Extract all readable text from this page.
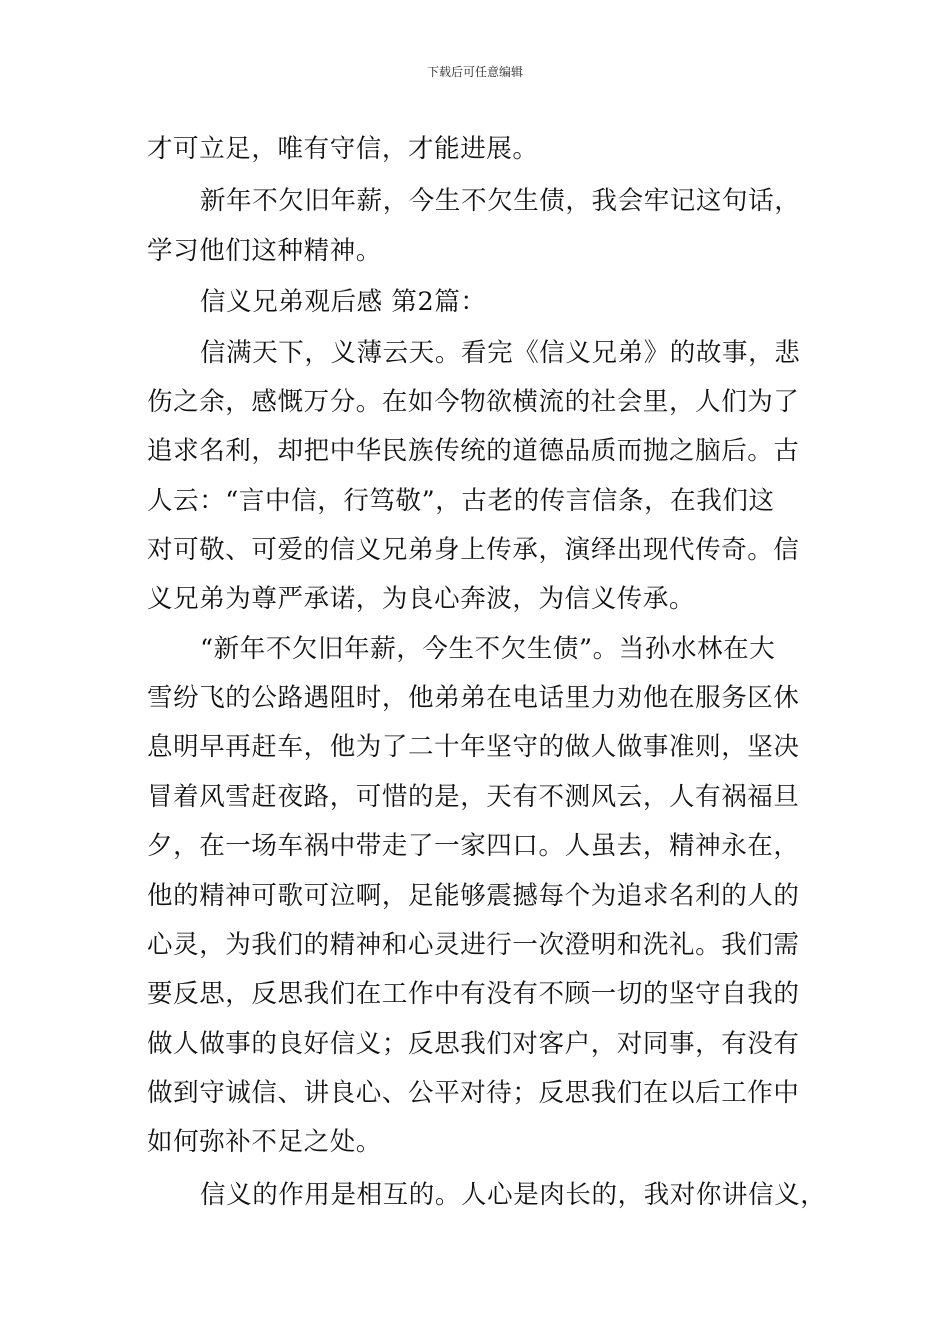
下载后可任意编辑
才可立足，唯有守信，才能进展。
新年不欠旧年薪，今生不欠生债，我会牢记这句话，
学习他们这种精神。
信义兄弟观后感 第2篇：
信满天下，义薄云天。看完《信义兄弟》的故事，悲
伤之余，感慨万分。在如今物欲横流的社会里，人们为了
追求名利，却把中华民族传统的道德品质而抛之脑后。古
人云：“言中信，行笃敬”，古老的传言信条，在我们这
对可敬、可爱的信义兄弟身上传承，演绎出现代传奇。信
义兄弟为尊严承诺，为良心奔波，为信义传承。
“新年不欠旧年薪，今生不欠生债”。当孙水林在大
雪纷飞的公路遇阻时，他弟弟在电话里力劝他在服务区休
息明早再赶车，他为了二十年坚守的做人做事准则，坚决
冒着风雪赶夜路，可惜的是，天有不测风云，人有祸福旦
夕，在一场车祸中带走了一家四口。人虽去，精神永在，
他的精神可歌可泣啊，足能够震撼每个为追求名利的人的
心灵，为我们的精神和心灵进行一次澄明和洗礼。我们需
要反思，反思我们在工作中有没有不顾一切的坚守自我的
做人做事的良好信义；反思我们对客户，对同事，有没有
做到守诚信、讲良心、公平对待；反思我们在以后工作中
如何弥补不足之处。
信义的作用是相互的。人心是肉长的，我对你讲信义，
